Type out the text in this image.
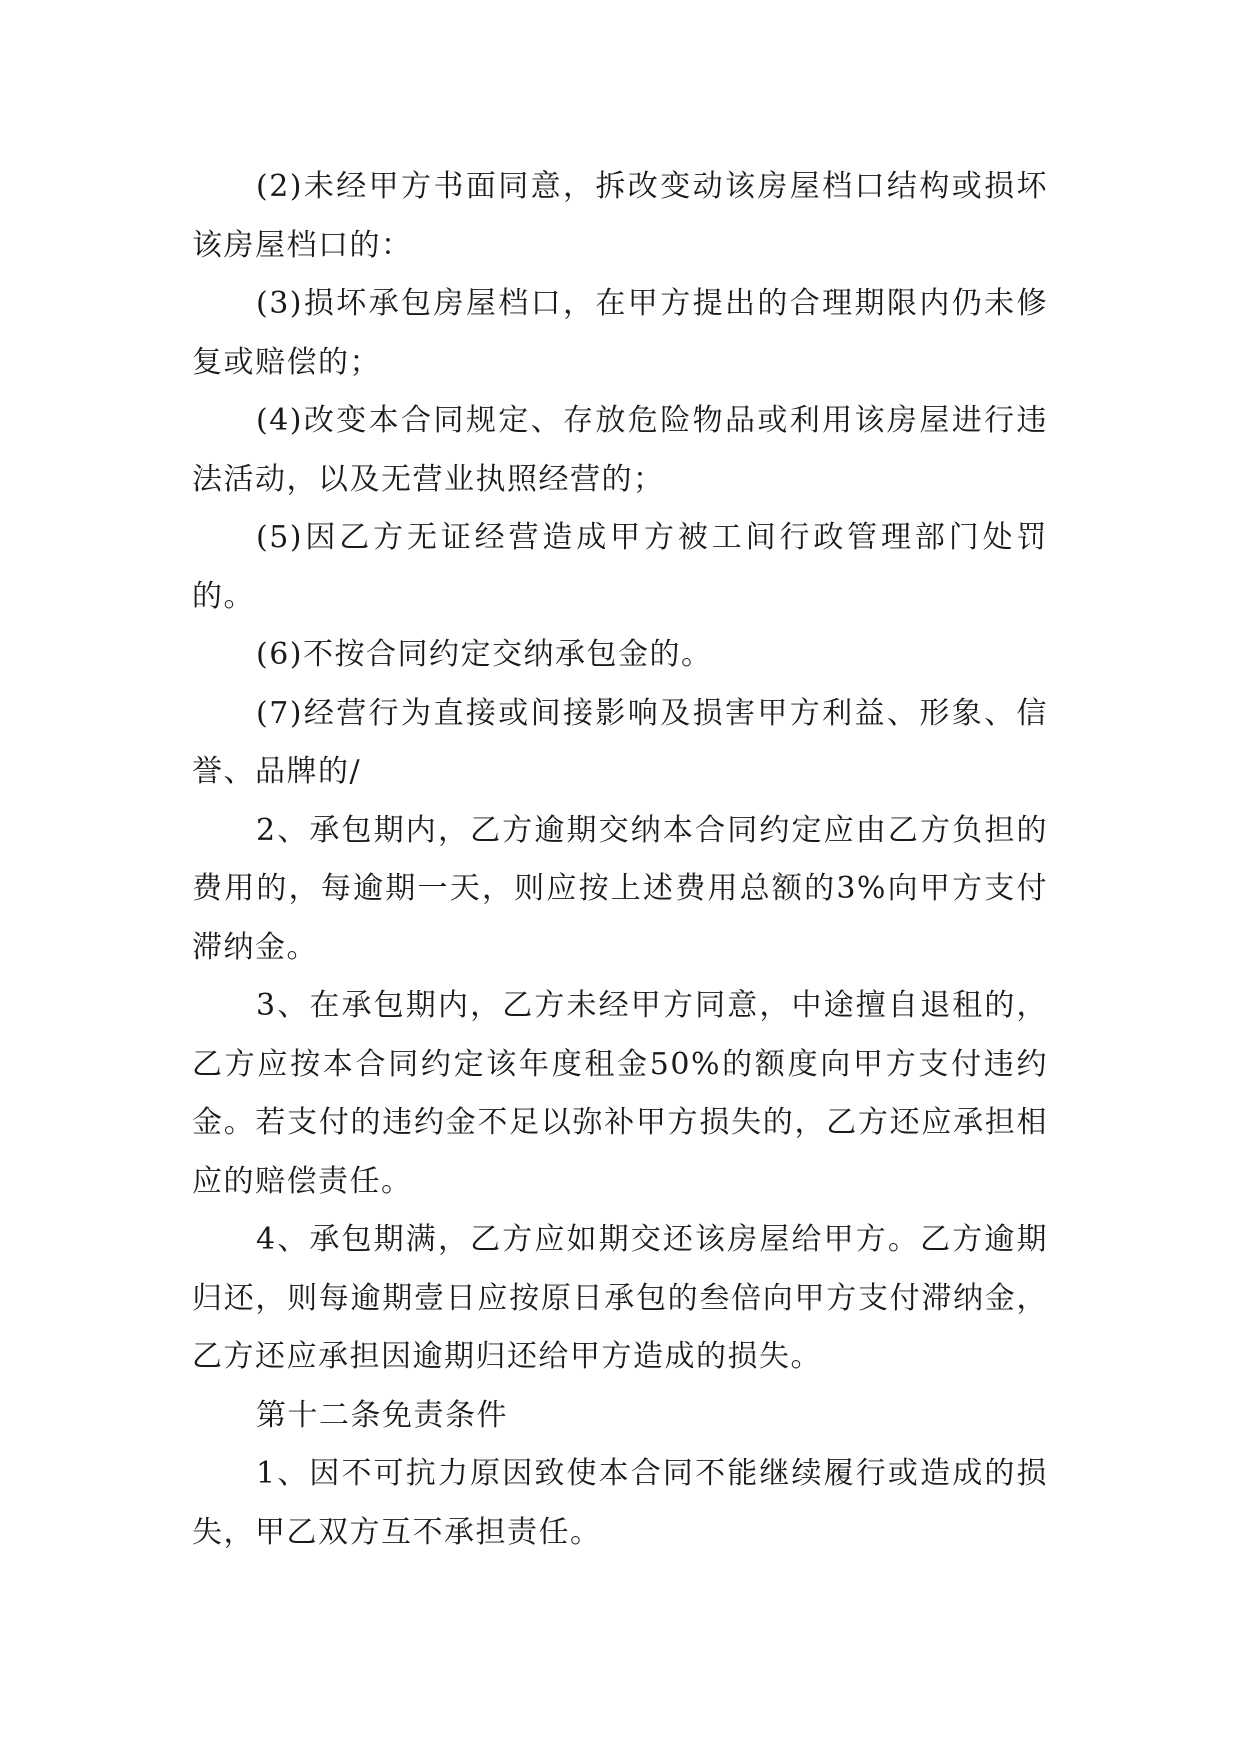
(2)未经甲方书面同意，拆改变动该房屋档口结构或损坏该房屋档口的：

(3)损坏承包房屋档口，在甲方提出的合理期限内仍未修复或赔偿的；

(4)改变本合同规定、存放危险物品或利用该房屋进行违法活动，以及无营业执照经营的；

(5)因乙方无证经营造成甲方被工间行政管理部门处罚的。

(6)不按合同约定交纳承包金的。

(7)经营行为直接或间接影响及损害甲方利益、形象、信誉、品牌的/

2、承包期内，乙方逾期交纳本合同约定应由乙方负担的费用的，每逾期一天，则应按上述费用总额的3%向甲方支付滞纳金。

3、在承包期内，乙方未经甲方同意，中途擅自退租的，乙方应按本合同约定该年度租金50%的额度向甲方支付违约金。若支付的违约金不足以弥补甲方损失的，乙方还应承担相应的赔偿责任。

4、承包期满，乙方应如期交还该房屋给甲方。乙方逾期归还，则每逾期壹日应按原日承包的叁倍向甲方支付滞纳金，乙方还应承担因逾期归还给甲方造成的损失。

第十二条免责条件

1、因不可抗力原因致使本合同不能继续履行或造成的损失，甲乙双方互不承担责任。
